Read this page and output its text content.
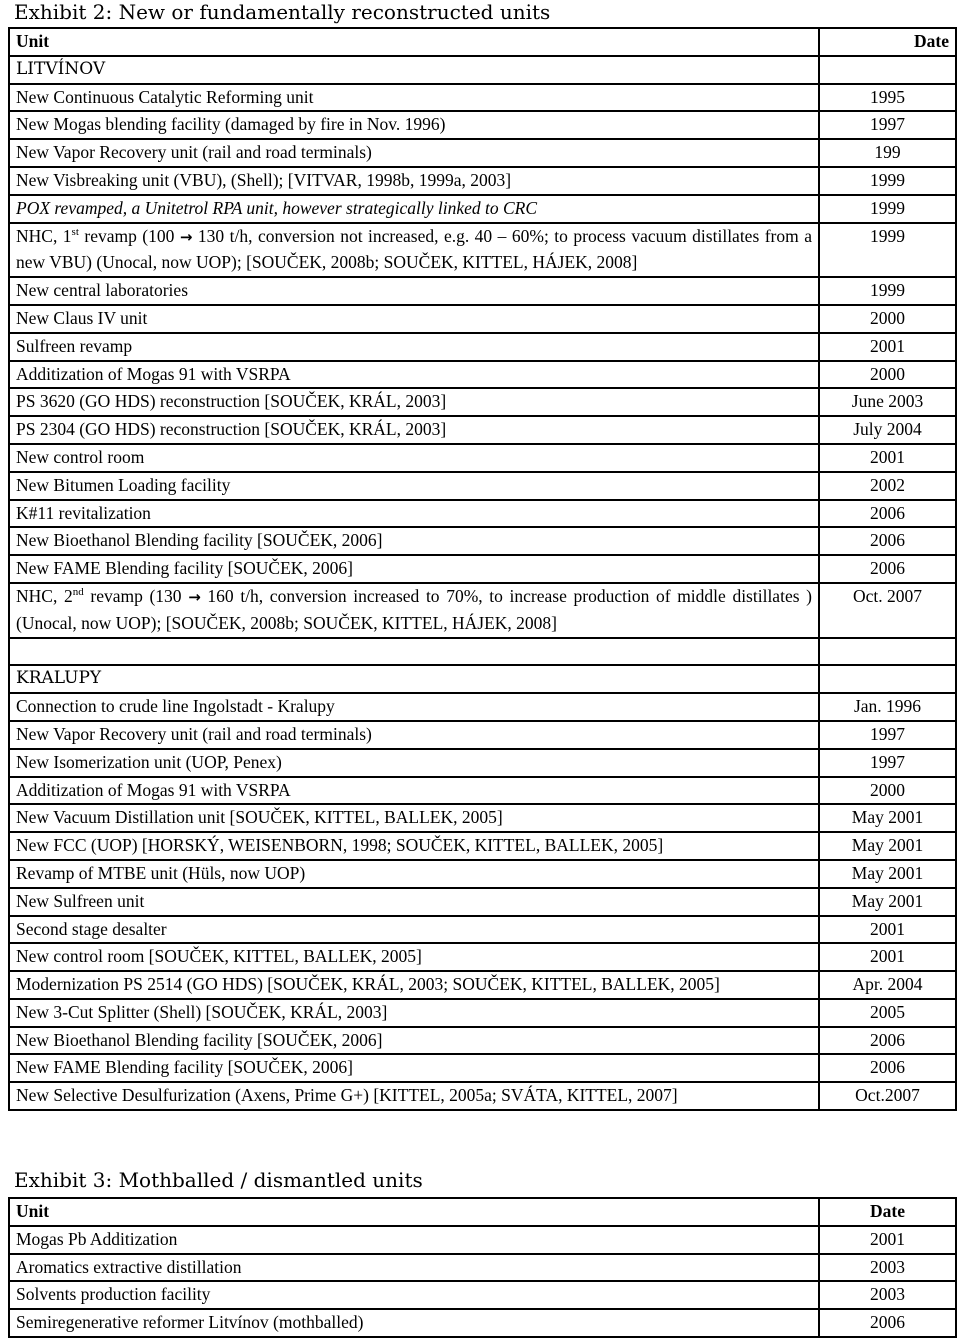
Exhibit 2: New or fundamentally reconstructed units
Unit	Date
LITVÍNOV	
New Continuous Catalytic Reforming unit	1995
New Mogas blending facility (damaged by fire in Nov. 1996)	1997
New Vapor Recovery unit (rail and road terminals)	199
New Visbreaking unit (VBU), (Shell); [VITVAR, 1998b, 1999a, 2003]	1999
POX revamped, a Unitetrol RPA unit, however strategically linked to CRC	1999
NHC, 1st revamp (100 → 130 t/h, conversion not increased, e.g. 40 – 60%; to process vacuum distillates from a new VBU) (Unocal, now UOP); [SOUČEK, 2008b; SOUČEK, KITTEL, HÁJEK, 2008]	1999
New central laboratories	1999
New Claus IV unit	2000
Sulfreen revamp	2001
Additization of Mogas 91 with VSRPA	2000
PS 3620 (GO HDS) reconstruction [SOUČEK, KRÁL, 2003]	June 2003
PS 2304 (GO HDS) reconstruction [SOUČEK, KRÁL, 2003]	July 2004
New control room	2001
New Bitumen Loading facility	2002
K#11 revitalization	2006
New Bioethanol Blending facility [SOUČEK, 2006]	2006
New FAME Blending facility [SOUČEK, 2006]	2006
NHC, 2nd revamp (130 → 160 t/h, conversion increased to 70%, to increase production of middle distillates ) (Unocal, now UOP); [SOUČEK, 2008b; SOUČEK, KITTEL, HÁJEK, 2008]	Oct. 2007

KRALUPY	
Connection to crude line Ingolstadt - Kralupy	Jan. 1996
New Vapor Recovery unit (rail and road terminals)	1997
New Isomerization unit (UOP, Penex)	1997
Additization of Mogas 91 with VSRPA	2000
New Vacuum Distillation unit [SOUČEK, KITTEL, BALLEK, 2005]	May 2001
New FCC (UOP) [HORSKÝ, WEISENBORN, 1998; SOUČEK, KITTEL, BALLEK, 2005]	May 2001
Revamp of MTBE unit (Hüls, now UOP)	May 2001
New Sulfreen unit	May 2001
Second stage desalter	2001
New control room [SOUČEK, KITTEL, BALLEK, 2005]	2001
Modernization PS 2514 (GO HDS) [SOUČEK, KRÁL, 2003; SOUČEK, KITTEL, BALLEK, 2005]	Apr. 2004
New 3-Cut Splitter (Shell) [SOUČEK, KRÁL, 2003]	2005
New Bioethanol Blending facility [SOUČEK, 2006]	2006
New FAME Blending facility [SOUČEK, 2006]	2006
New Selective Desulfurization (Axens, Prime G+) [KITTEL, 2005a; SVÁTA, KITTEL, 2007]	Oct.2007
Exhibit 3: Mothballed / dismantled units
Unit	Date
Mogas Pb Additization	2001
Aromatics extractive distillation	2003
Solvents production facility	2003
Semiregenerative reformer Litvínov (mothballed)	2006
